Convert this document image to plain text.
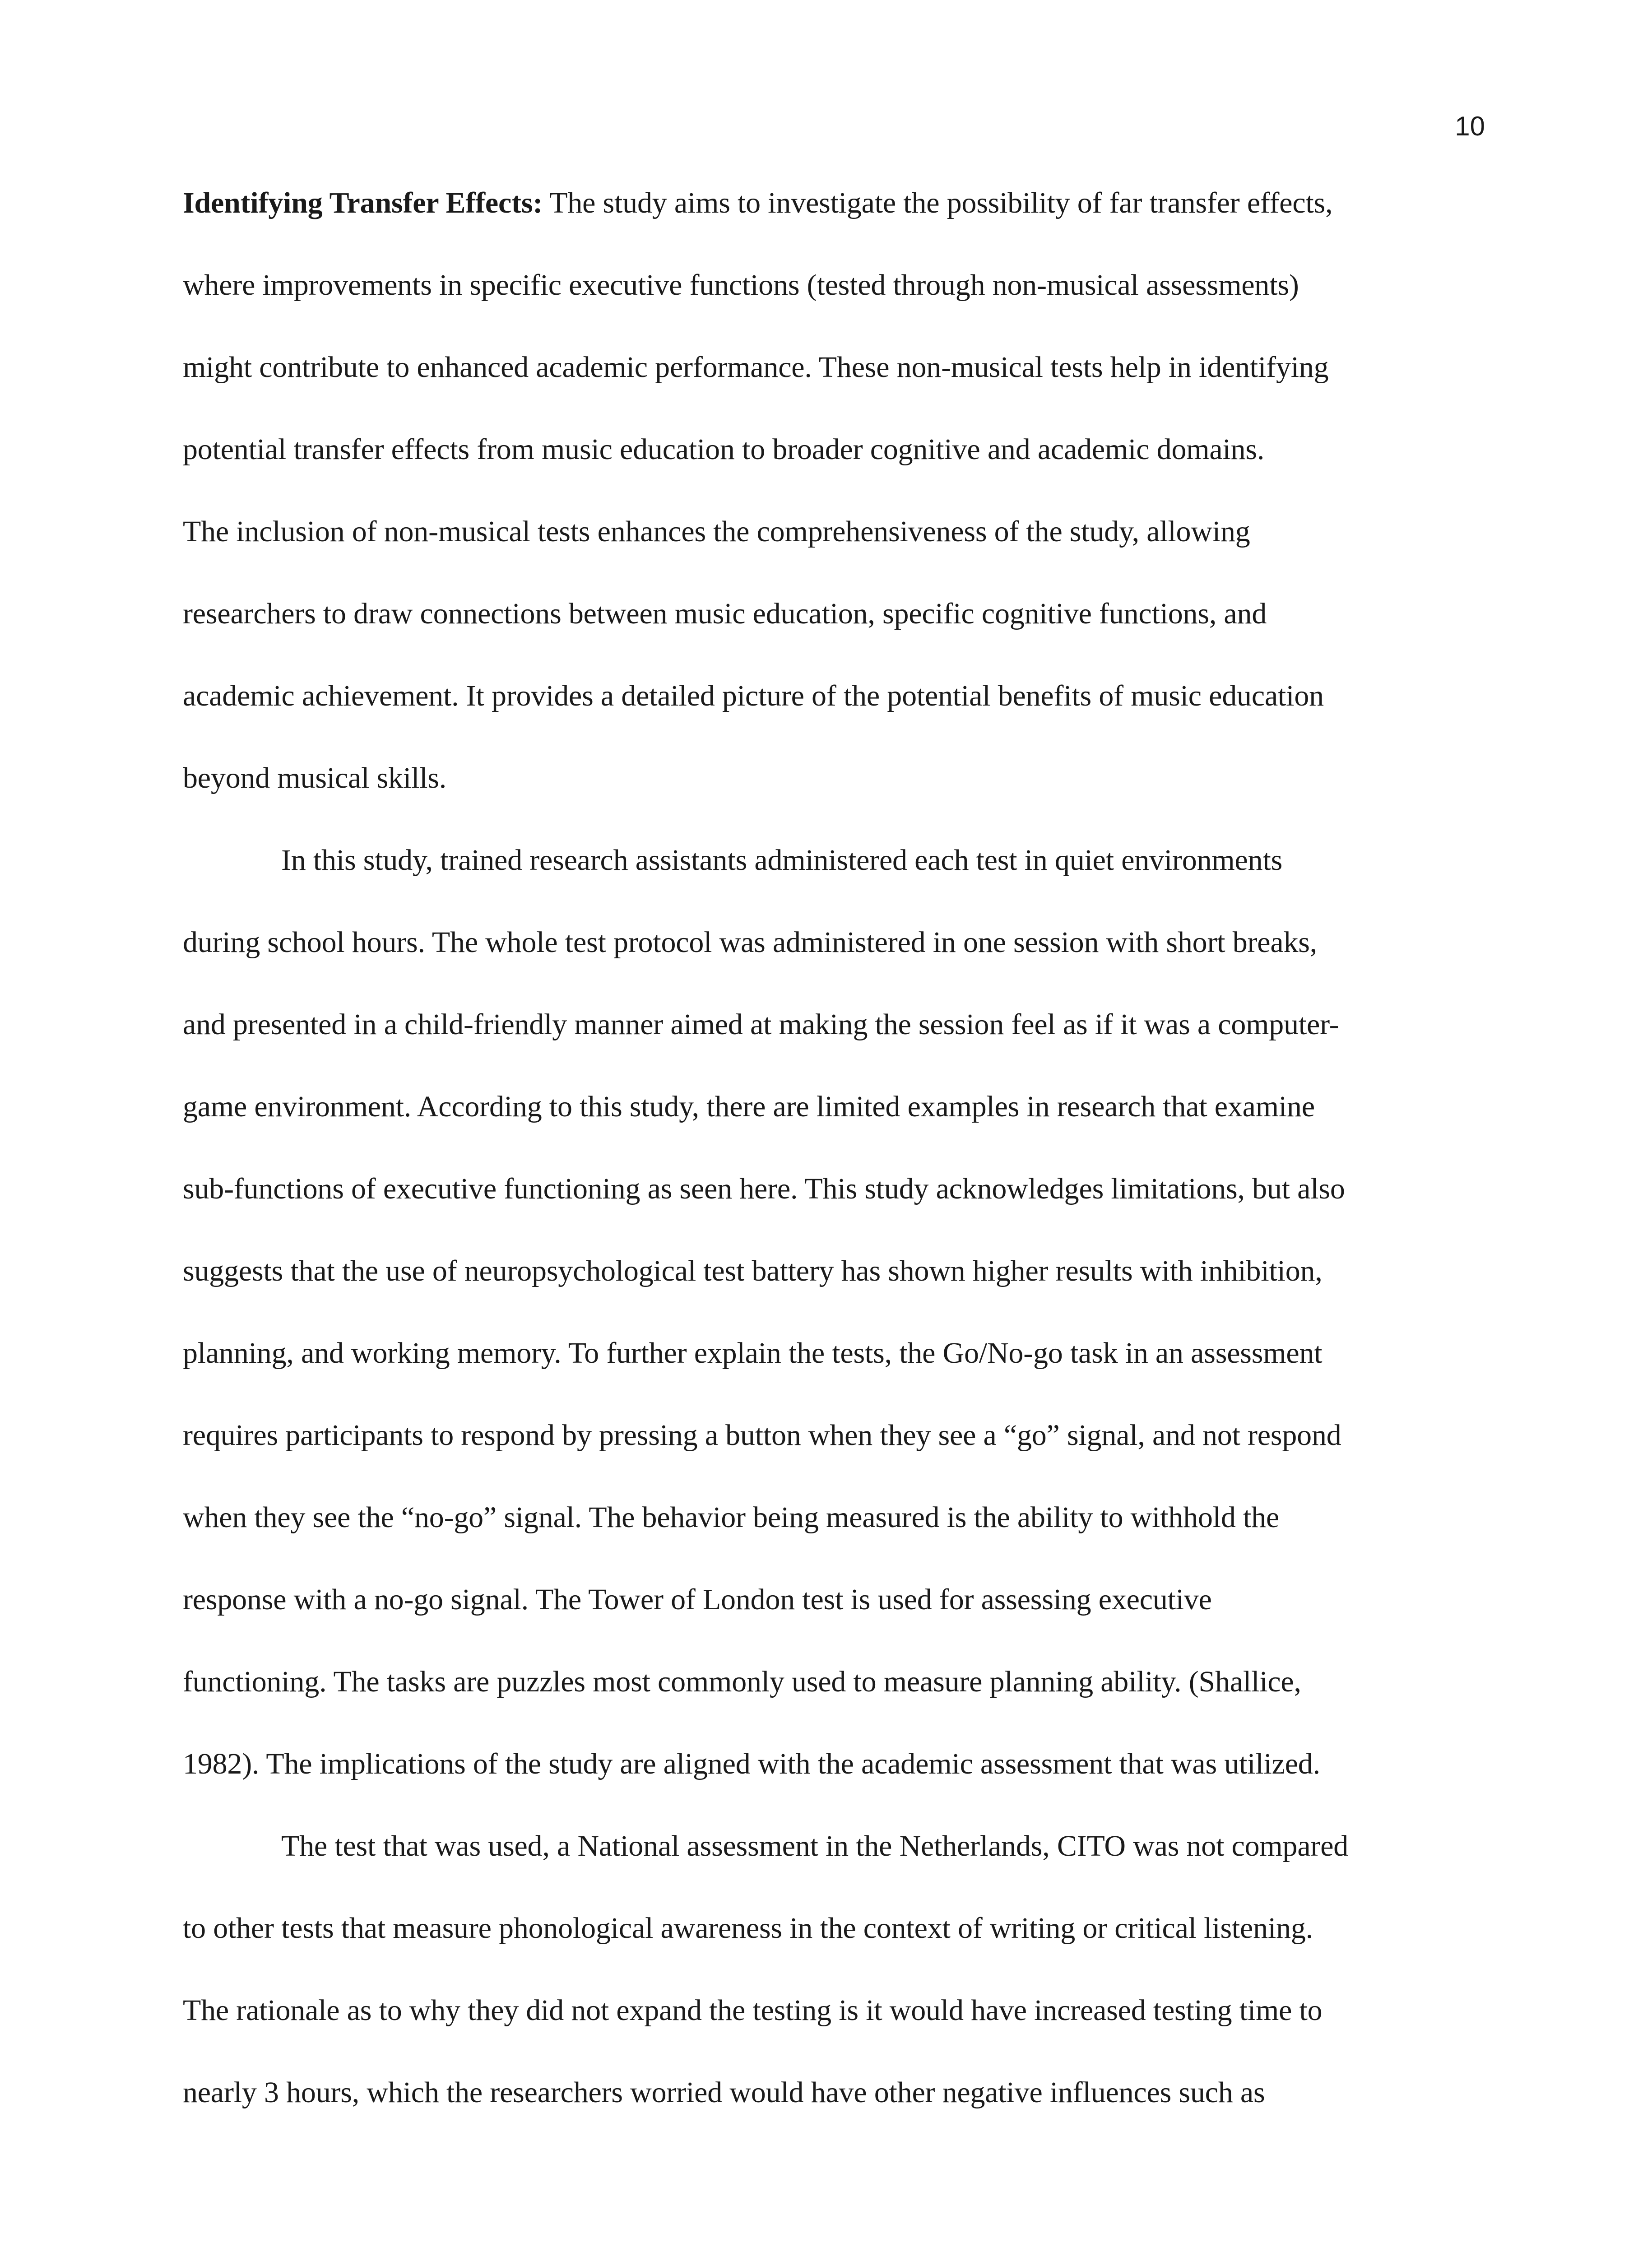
10
Identifying Transfer Effects: The study aims to investigate the possibility of far transfer effects,
where improvements in specific executive functions (tested through non-musical assessments)
might contribute to enhanced academic performance. These non-musical tests help in identifying
potential transfer effects from music education to broader cognitive and academic domains.
The inclusion of non-musical tests enhances the comprehensiveness of the study, allowing
researchers to draw connections between music education, specific cognitive functions, and
academic achievement. It provides a detailed picture of the potential benefits of music education
beyond musical skills.
In this study, trained research assistants administered each test in quiet environments
during school hours. The whole test protocol was administered in one session with short breaks,
and presented in a child-friendly manner aimed at making the session feel as if it was a computer-
game environment. According to this study, there are limited examples in research that examine
sub-functions of executive functioning as seen here. This study acknowledges limitations, but also
suggests that the use of neuropsychological test battery has shown higher results with inhibition,
planning, and working memory. To further explain the tests, the Go/No-go task in an assessment
requires participants to respond by pressing a button when they see a “go” signal, and not respond
when they see the “no-go” signal. The behavior being measured is the ability to withhold the
response with a no-go signal. The Tower of London test is used for assessing executive
functioning. The tasks are puzzles most commonly used to measure planning ability. (Shallice,
1982). The implications of the study are aligned with the academic assessment that was utilized.
The test that was used, a National assessment in the Netherlands, CITO was not compared
to other tests that measure phonological awareness in the context of writing or critical listening.
The rationale as to why they did not expand the testing is it would have increased testing time to
nearly 3 hours, which the researchers worried would have other negative influences such as
